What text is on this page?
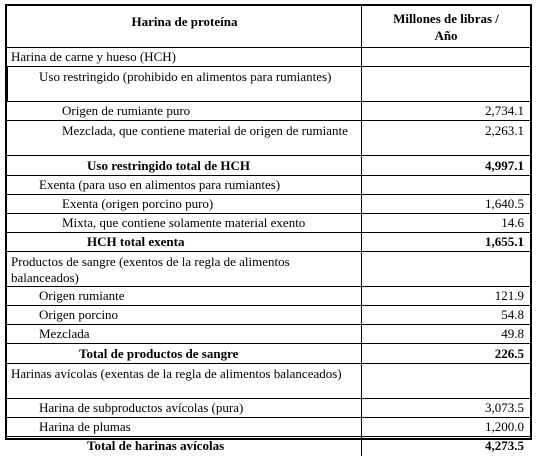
Harina de proteína	Millones de libras /
Año
Harina de carne y hueso (HCH)
Uso restringido (prohibido en alimentos para rumiantes)
Origen de rumiante puro	2,734.1
Mezclada, que contiene material de origen de rumiante	2,263.1
Uso restringido total de HCH	4,997.1
Exenta (para uso en alimentos para rumiantes)
Exenta (origen porcino puro)	1,640.5
Mixta, que contiene solamente material exento	14.6
HCH total exenta	1,655.1
Productos de sangre (exentos de la regla de alimentos balanceados)
Origen rumiante	121.9
Origen porcino	54.8
Mezclada	49.8
Total de productos de sangre	226.5
Harinas avícolas (exentas de la regla de alimentos balanceados)
Harina de subproductos avícolas (pura)	3,073.5
Harina de plumas	1,200.0
Total de harinas avícolas	4,273.5
